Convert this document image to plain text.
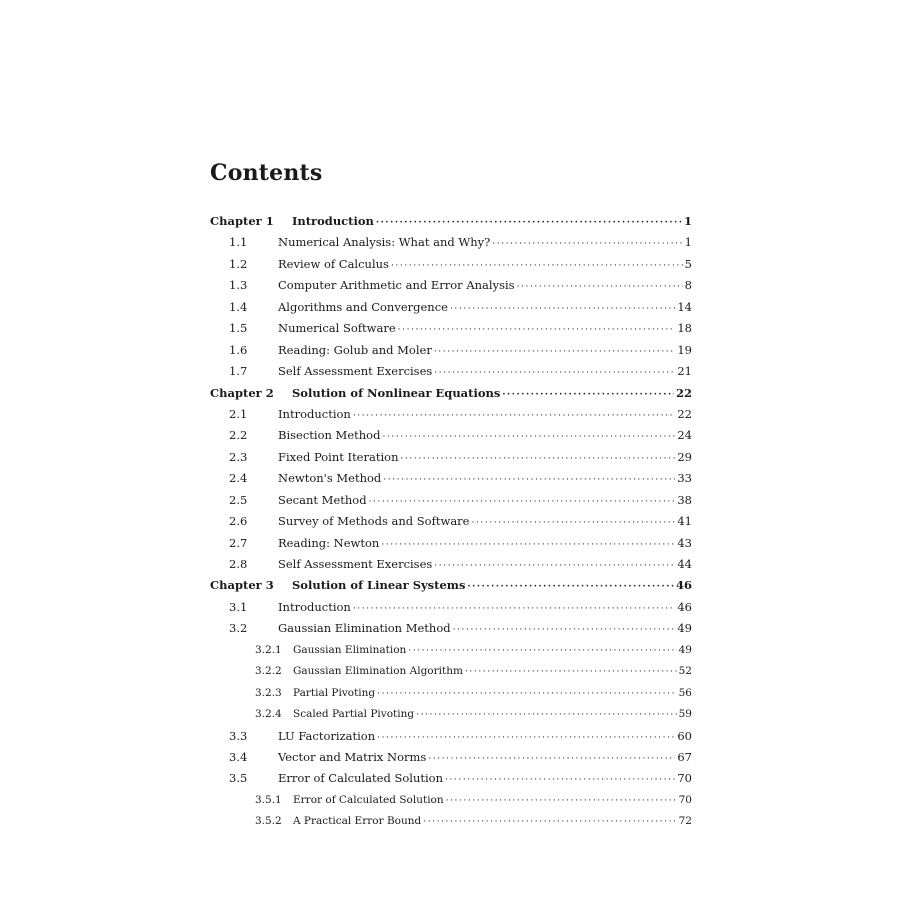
Contents
Chapter 1	Introduction ·····	1
1.1	Numerical Analysis: What and Why? ·····	1
1.2	Review of Calculus ·····	5
1.3	Computer Arithmetic and Error Analysis ·····	8
1.4	Algorithms and Convergence ·····	14
1.5	Numerical Software ·····	18
1.6	Reading: Golub and Moler ·····	19
1.7	Self Assessment Exercises ·····	21
Chapter 2	Solution of Nonlinear Equations ·····	22
2.1	Introduction ·····	22
2.2	Bisection Method ·····	24
2.3	Fixed Point Iteration ·····	29
2.4	Newton's Method ·····	33
2.5	Secant Method ·····	38
2.6	Survey of Methods and Software ·····	41
2.7	Reading: Newton ·····	43
2.8	Self Assessment Exercises ·····	44
Chapter 3	Solution of Linear Systems ·····	46
3.1	Introduction ·····	46
3.2	Gaussian Elimination Method ·····	49
3.2.1	Gaussian Elimination ·····	49
3.2.2	Gaussian Elimination Algorithm ·····	52
3.2.3	Partial Pivoting ·····	56
3.2.4	Scaled Partial Pivoting ·····	59
3.3	LU Factorization ·····	60
3.4	Vector and Matrix Norms ·····	67
3.5	Error of Calculated Solution ·····	70
3.5.1	Error of Calculated Solution ·····	70
3.5.2	A Practical Error Bound ·····	72
